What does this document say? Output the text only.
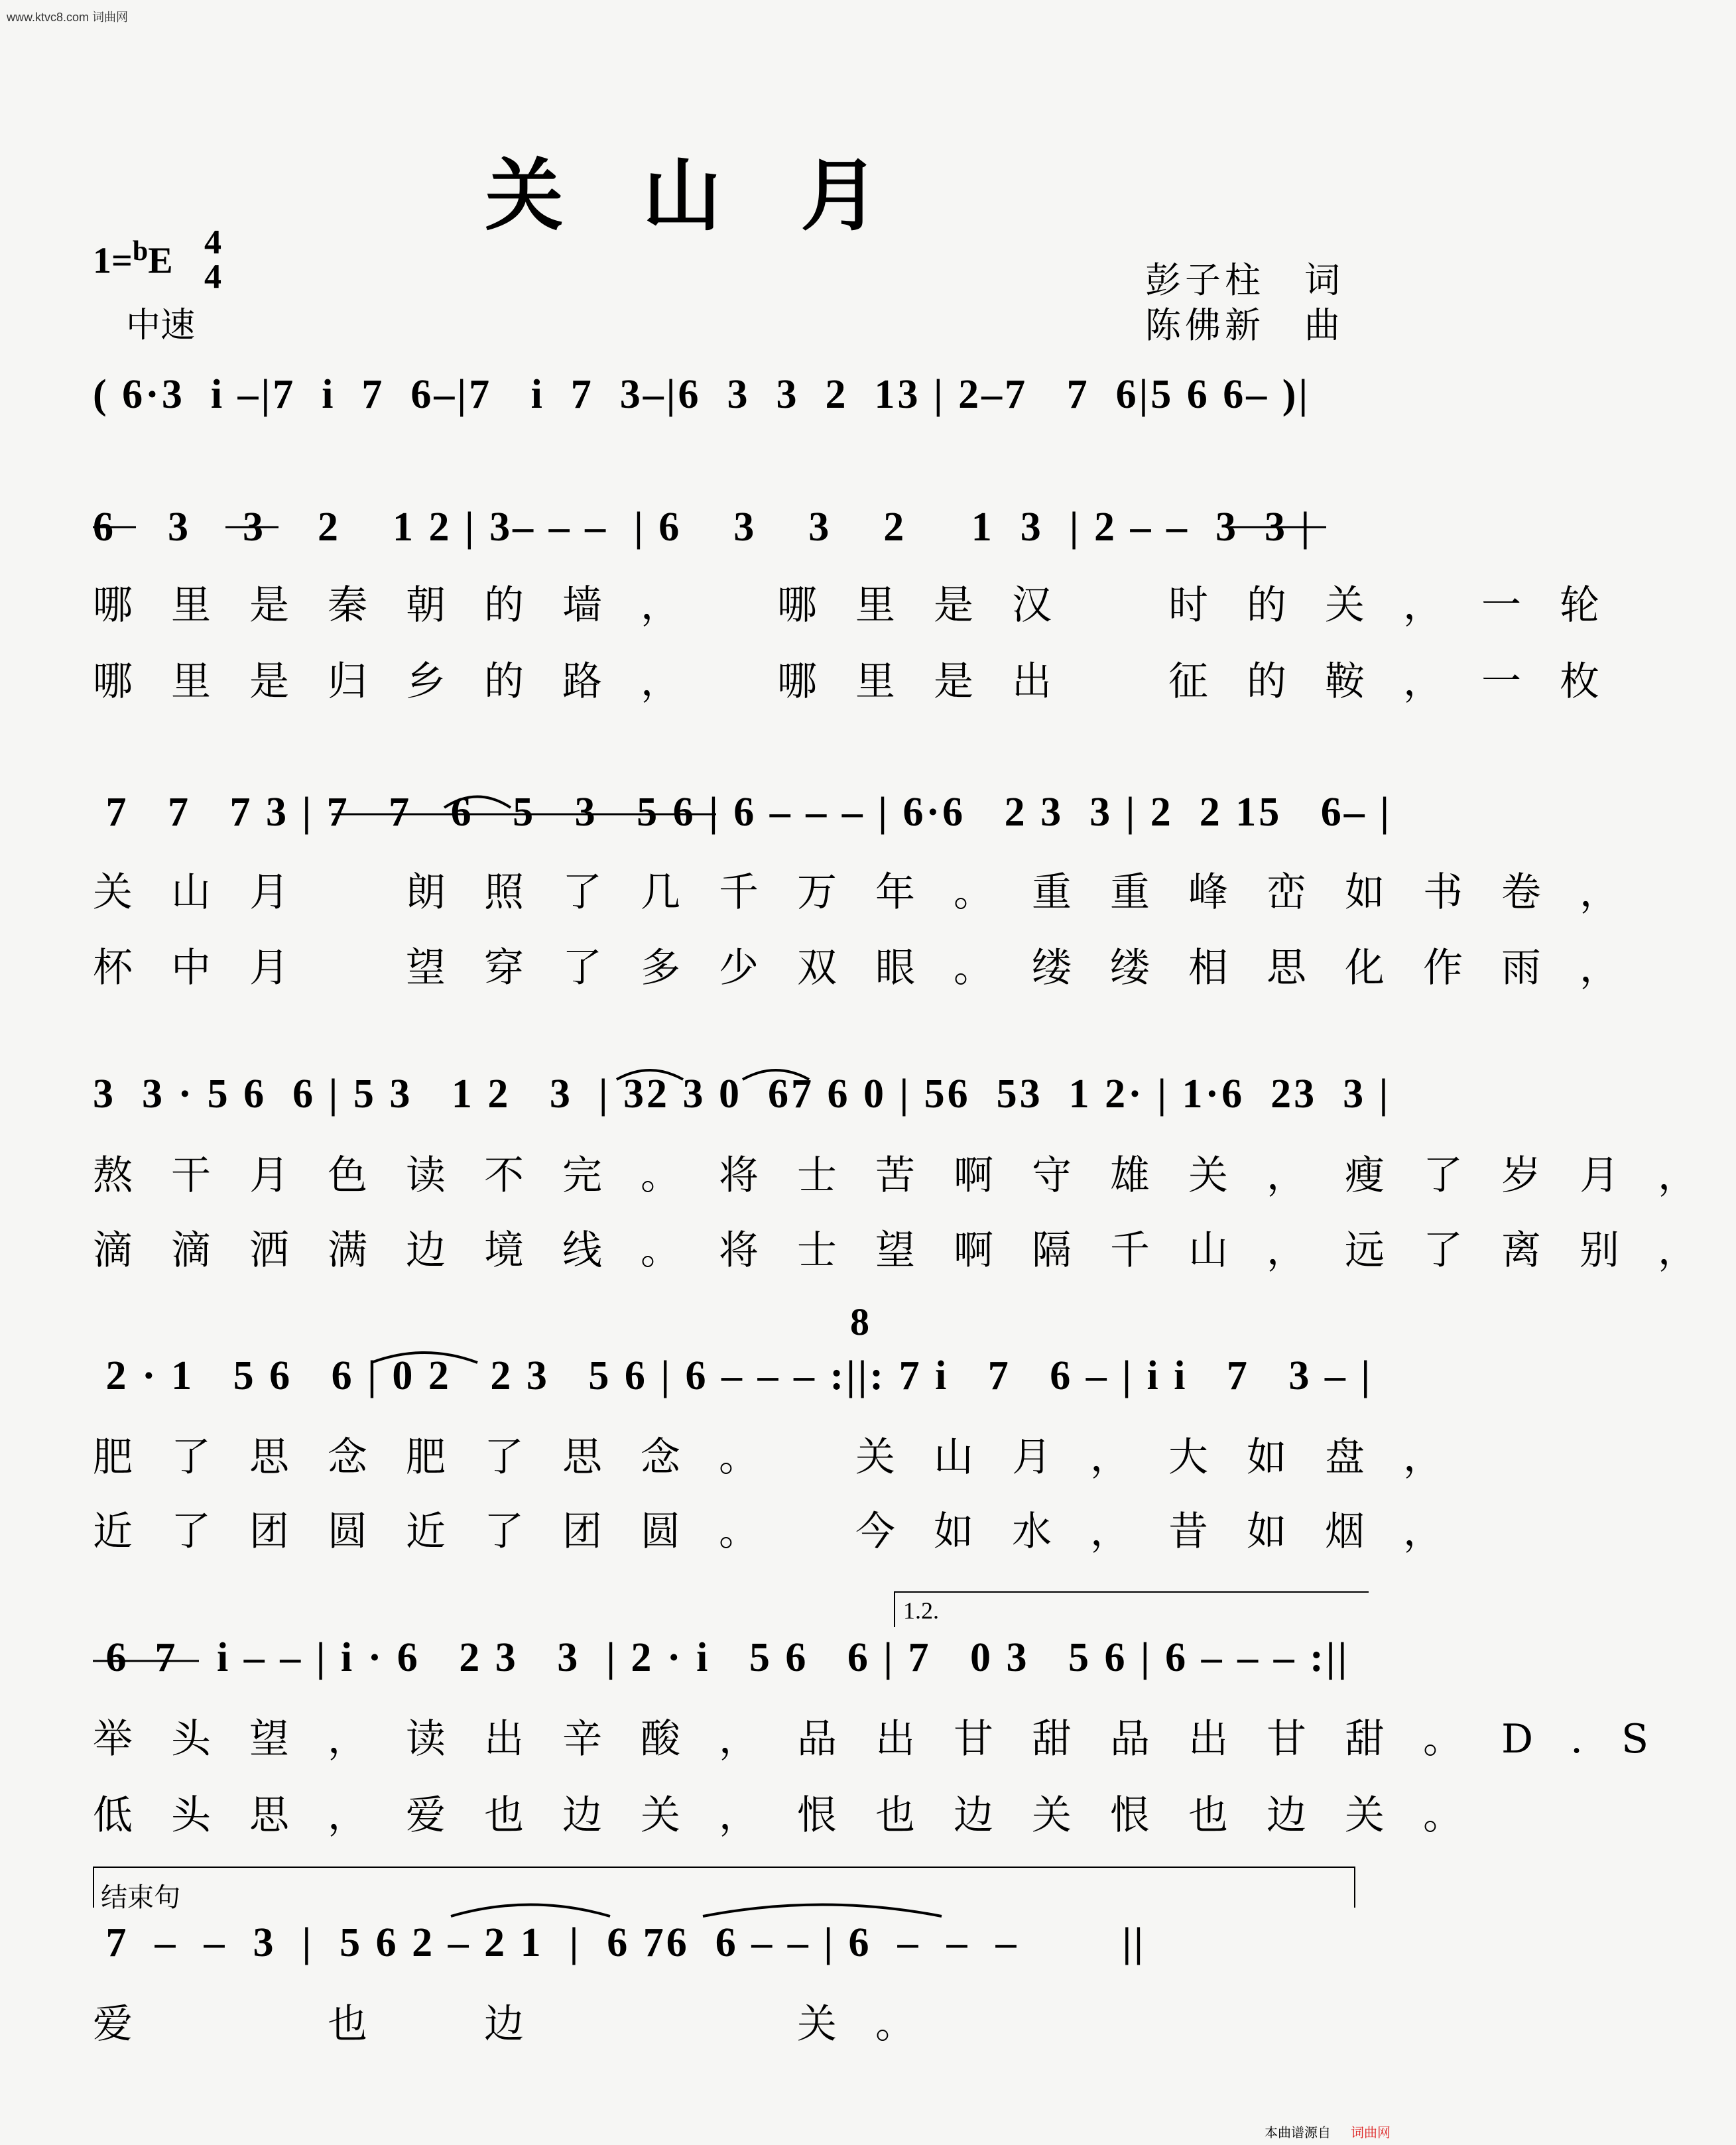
www.ktvc8.com 词曲网
关山月
1=$^b$E 4
4
中速
彭子柱　词
陈佛新　曲
( 6·3  i –|7  i  7  6–|7   i  7  3–|6  3  3  2  13 | 2–7   7  6|5 6 6– )|
6    3    3    2    1 2 | 3– – –  | 6    3    3    2     1  3  | 2 – –  3  3 |
哪里是秦朝的墙，　哪里是汉　时的关，一轮
哪里是归乡的路，　哪里是出　征的鞍，一枚
7   7   7 3 | 7   7   6   5   3   5 6 | 6 – – – | 6·6   2 3  3 | 2  2 15   6– |
关山月　朗照了几千万年。重重峰峦如书卷，
杯中月　望穿了多少双眼。缕缕相思化作雨，
3  3 · 5 6  6 | 5 3   1 2   3  | 32 3 0  67 6 0 | 56  53  1 2· | 1·6  23  3 |
熬干月色读不完。将士苦啊守雄关，瘦了岁月，
滴滴洒满边境线。将士望啊隔千山，远了离别，
8
2 · 1   5 6   6 | 0 2   2 3   5 6 | 6 – – – :||: 7 i   7   6 – | i i   7   3 – |
肥了思念肥了思念。　关山月，大如盘，
近了团圆近了团圆。　今如水，昔如烟，
1.2.
6  7   i – – | i · 6   2 3   3  | 2 · i   5 6   6 | 7   0 3   5 6 | 6 – – – :||
举头望，读出辛酸，品出甘甜品出甘甜。D.S
低头思，爱也边关，恨也边关恨也边关。
结束句
7  –  –  3  |  5 6 2 – 2 1  |  6 76  6 – – | 6  –  –  –        ||
爱　　也　边　　　关。
本曲谱源自 词曲网
